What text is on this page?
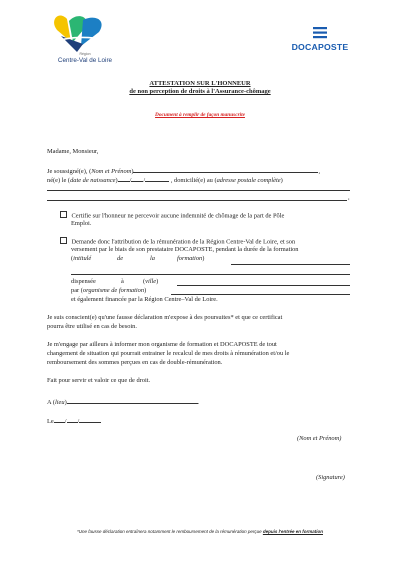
Région
Centre-Val de Loire
DOCAPOSTE
ATTESTATION SUR L'HONNEUR
de non perception de droits à l'Assurance-chômage
Document à remplir de façon manuscrite
Madame, Monsieur,
Je soussigné(e), (Nom et Prénom)	,
né(e) le (date de naissance) / /	, domicilié(e) au (adresse postale complète)
,
Certifie sur l'honneur ne percevoir aucune indemnité de chômage de la part de Pôle
Emploi.
Demande donc l'attribution de la rémunération de la Région Centre-Val de Loire, et son
versement par le biais de son prestataire DOCAPOSTE, pendant la durée de la formation
(intitulé	de	la	formation)
dispensée	à	(ville)
par (organisme de formation)
et également financée par la Région Centre–Val de Loire.
Je suis conscient(e) qu'une fausse déclaration m'expose à des poursuites* et que ce certificat
pourra être utilisé en cas de besoin.
Je m'engage par ailleurs à informer mon organisme de formation et DOCAPOSTE de tout
changement de situation qui pourrait entrainer le recalcul de mes droits à rémunération et/ou le
remboursement des sommes perçues en cas de double-rémunération.
Fait pour servir et valoir ce que de droit.
A (lieu)	.
Le / /
(Nom et Prénom)
(Signature)
*Une fausse déclaration entraînera notamment le remboursement de la rémunération perçue depuis l'entrée en formation
